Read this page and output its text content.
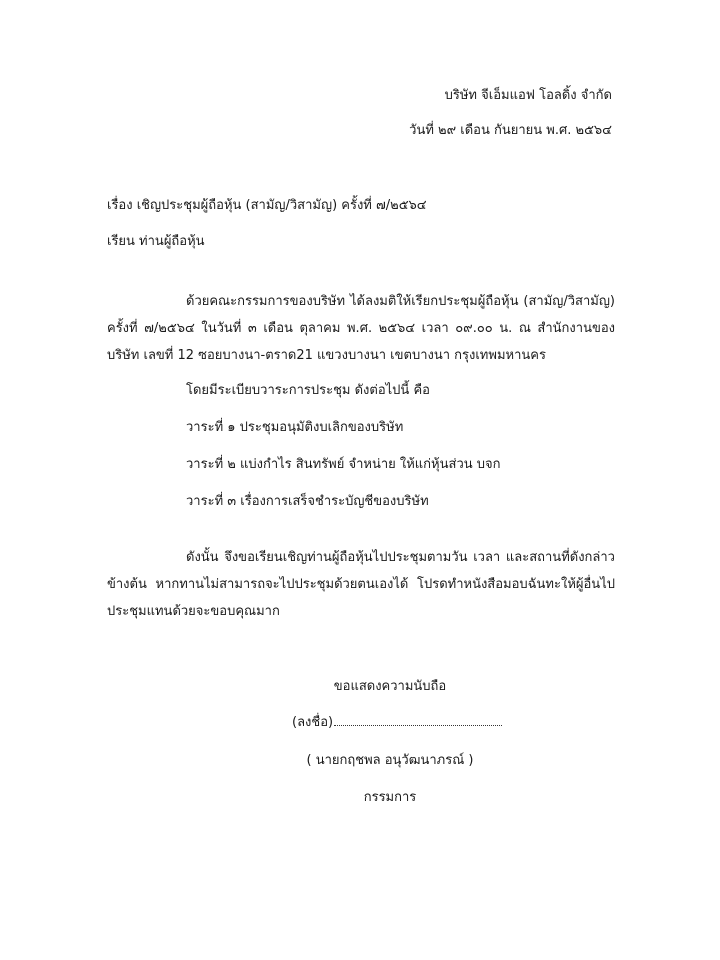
บริษัท จีเอ็มแอฟ โอลดิ้ง จำกัด
วันที่ ๒๙ เดือน กันยายน พ.ศ. ๒๕๖๔
เรื่อง เชิญประชุมผู้ถือหุ้น (สามัญ/วิสามัญ) ครั้งที่ ๗/๒๕๖๔
เรียน ท่านผู้ถือหุ้น
ด้วยคณะกรรมการของบริษัท ได้ลงมติให้เรียกประชุมผู้ถือหุ้น (สามัญ/วิสามัญ) ครั้งที่ ๗/๒๕๖๔ ในวันที่ ๓ เดือน ตุลาคม พ.ศ. ๒๕๖๔ เวลา ๐๙.๐๐ น. ณ สำนักงานของบริษัท เลขที่ 12 ซอยบางนา-ตราด21 แขวงบางนา เขตบางนา กรุงเทพมหานคร
โดยมีระเบียบวาระการประชุม ดังต่อไปนี้ คือ
วาระที่ ๑ ประชุมอนุมัติงบเลิกของบริษัท
วาระที่ ๒ แบ่งกำไร สินทรัพย์ จำหน่าย ให้แก่หุ้นส่วน บจก
วาระที่ ๓ เรื่องการเสร็จชำระบัญชีของบริษัท
ดังนั้น จึงขอเรียนเชิญท่านผู้ถือหุ้นไปประชุมตามวัน เวลา และสถานที่ดังกล่าว ข้างต้น หากทานไม่สามารถจะไปประชุมด้วยตนเองได้ โปรดทำหนังสือมอบฉันทะให้ผู้อื่นไป ประชุมแทนด้วยจะขอบคุณมาก
ขอแสดงความนับถือ
(ลงชื่อ)
( นายกฤชพล อนุวัฒนาภรณ์ )
กรรมการ
